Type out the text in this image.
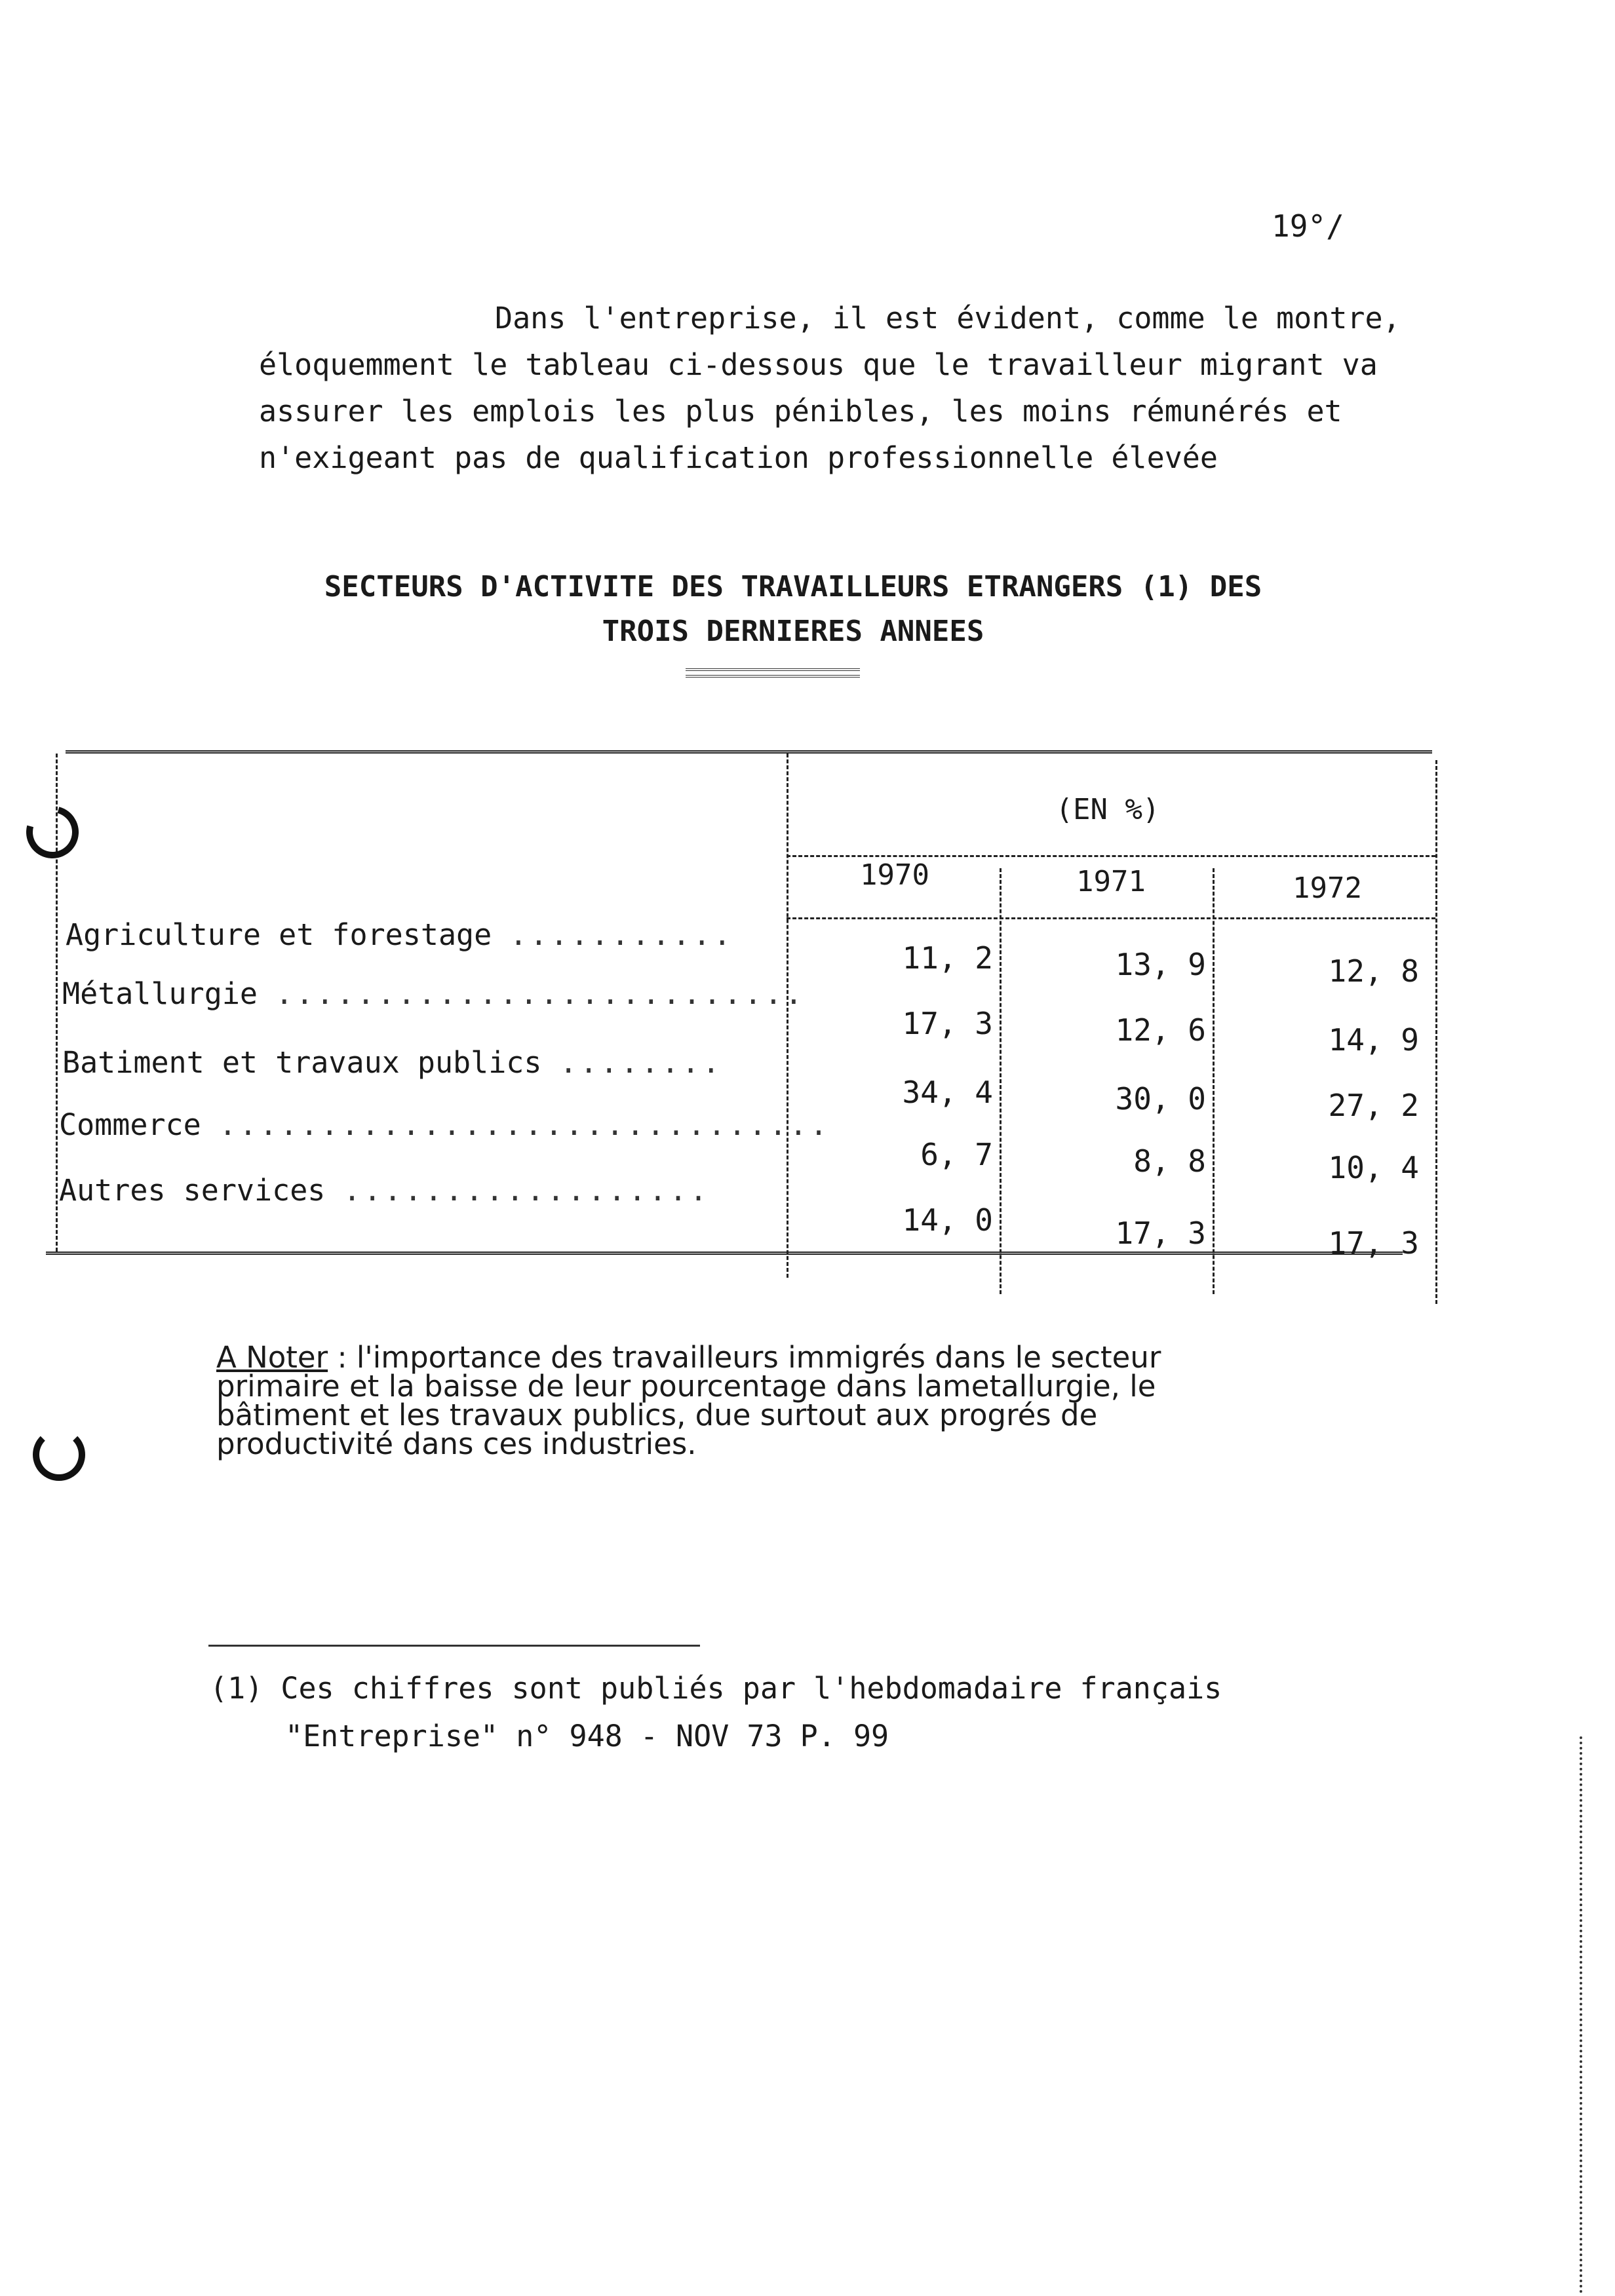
19°/
Dans l'entreprise, il est évident, comme le montre,
éloquemment le tableau ci-dessous que le travailleur migrant va
assurer les emplois les plus pénibles, les moins rémunérés et
n'exigeant pas de qualification professionnelle élevée
SECTEURS D'ACTIVITE DES TRAVAILLEURS ETRANGERS (1) DES
TROIS DERNIERES ANNEES
(EN %)
1970	1971	1972
Agriculture et forestage ...........
11, 2	13, 9	12, 8
Métallurgie ..........................
17, 3	12, 6	14, 9
Batiment et travaux publics ........
34, 4	30, 0	27, 2
Commerce ..............................
6, 7	8, 8	10, 4
Autres services ..................
14, 0	17, 3	17, 3
A Noter : l'importance des travailleurs immigrés dans le secteur
primaire et la baisse de leur pourcentage dans lametallurgie, le
bâtiment et les travaux publics, due surtout aux progrés de
productivité dans ces industries.
(1) Ces chiffres sont publiés par l'hebdomadaire français
"Entreprise" n° 948 - NOV 73 P. 99
